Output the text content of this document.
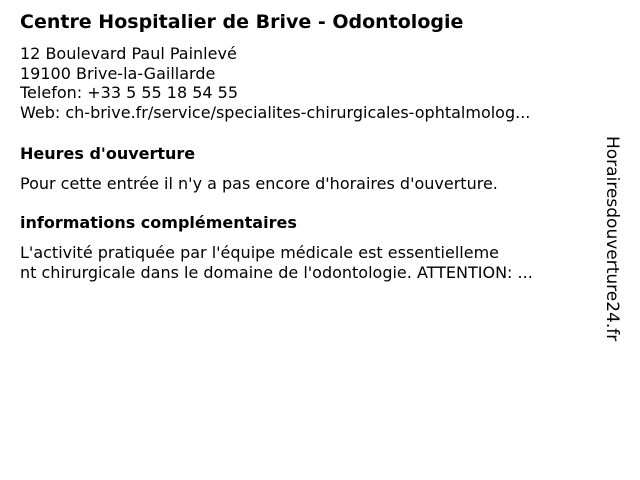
Centre Hospitalier de Brive - Odontologie
12 Boulevard Paul Painlevé
19100 Brive-la-Gaillarde
Telefon: +33 5 55 18 54 55
Web: ch-brive.fr/service/specialites-chirurgicales-ophtalmolog...
Heures d'ouverture
Pour cette entrée il n'y a pas encore d'horaires d'ouverture.
informations complémentaires
L'activité pratiquée par l'équipe médicale est essentielleme
nt chirurgicale dans le domaine de l'odontologie. ATTENTION: ...	Horairesdouverture24.fr
